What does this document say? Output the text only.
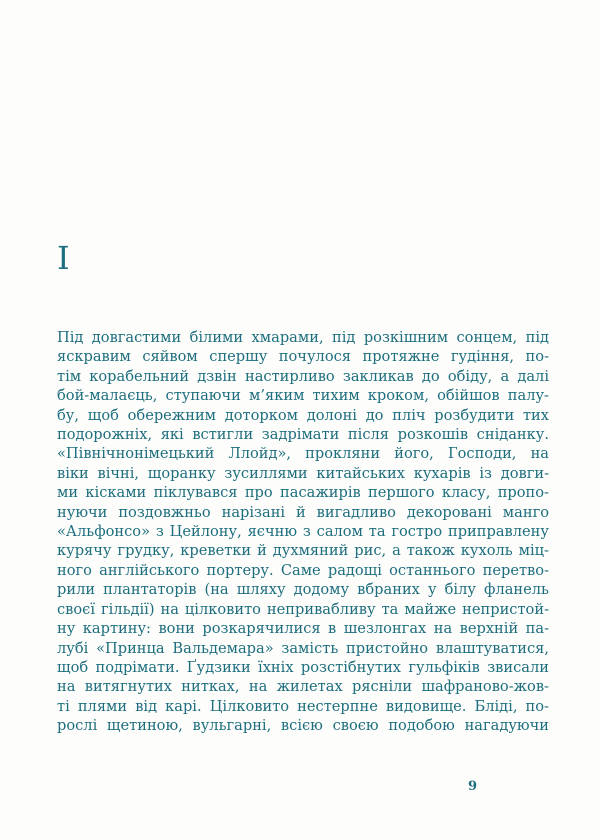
І
Під довгастими білими хмарами, під розкішним сонцем, під
яскравим сяйвом спершу почулося протяжне гудіння, по-
тім корабельний дзвін настирливо закликав до обіду, а далі
бой-малаєць, ступаючи м’яким тихим кроком, обійшов палу-
бу, щоб обережним доторком долоні до пліч розбудити тих
подорожніх, які встигли задрімати після розкошів сніданку.
«Північнонімецький Ллойд», прокляни його, Господи, на
віки вічні, щоранку зусиллями китайських кухарів із довги-
ми кісками піклувався про пасажирів першого класу, пропо-
нуючи поздовжньо нарізані й вигадливо декоровані манго
«Альфонсо» з Цейлону, яєчню з салом та гостро приправлену
курячу грудку, креветки й духмяний рис, а також кухоль міц-
ного англійського портеру. Саме радощі останнього перетво-
рили плантаторів (на шляху додому вбраних у білу фланель
своєї гільдії) на цілковито непривабливу та майже непристой-
ну картину: вони розкарячилися в шезлонгах на верхній па-
лубі «Принца Вальдемара» замість пристойно влаштуватися,
щоб подрімати. Ґудзики їхніх розстібнутих гульфіків звисали
на витягнутих нитках, на жилетах рясніли шафраново-жов-
ті плями від карі. Цілковито нестерпне видовище. Бліді, по-
рослі щетиною, вульгарні, всією своєю подобою нагадуючи
9
